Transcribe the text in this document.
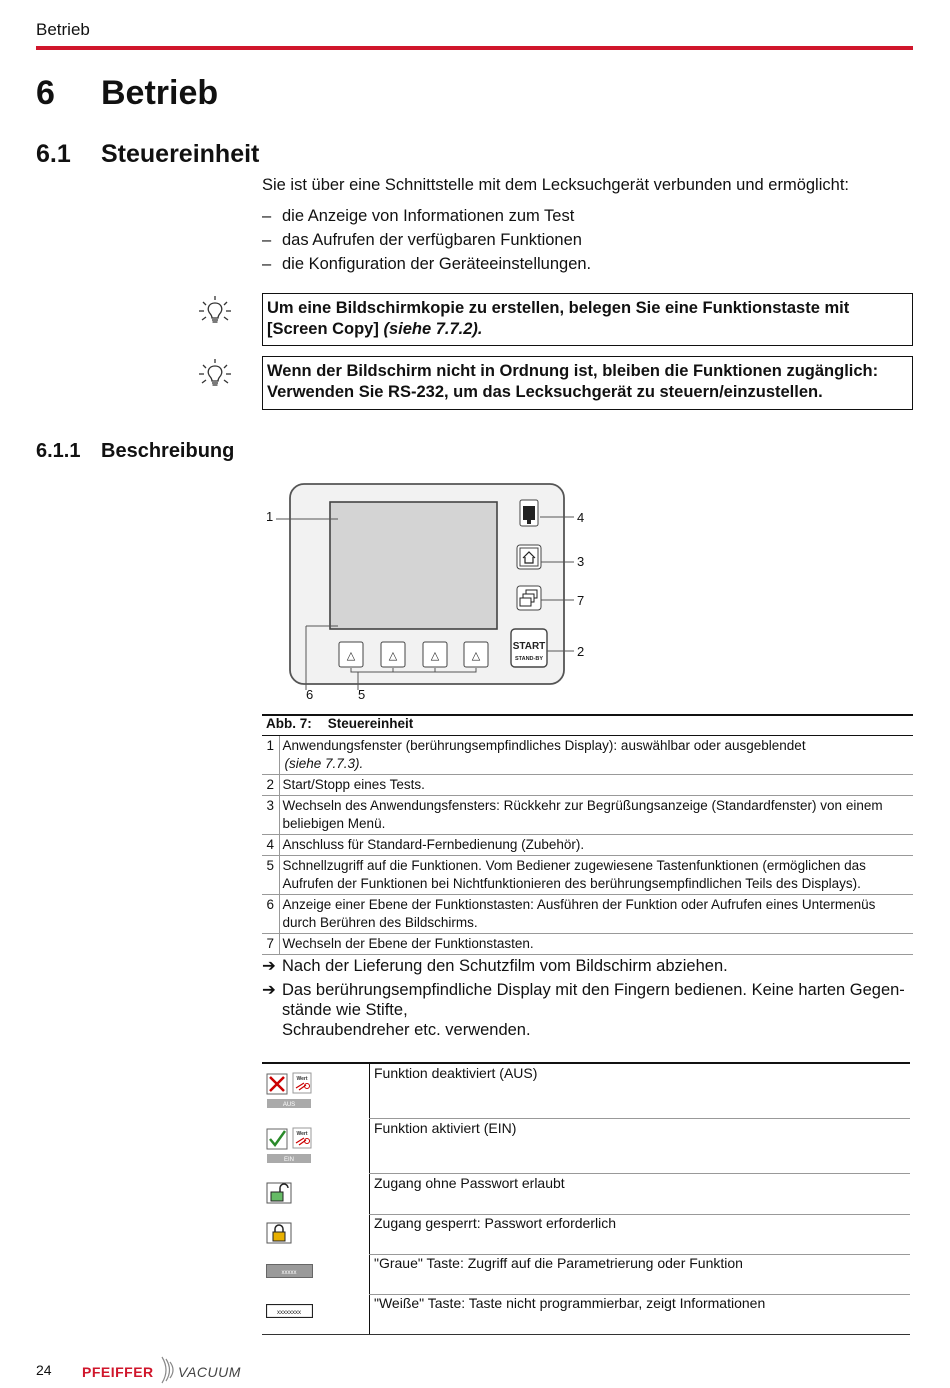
Betrieb
6 Betrieb
6.1 Steuereinheit
Sie ist über eine Schnittstelle mit dem Lecksuchgerät verbunden und ermöglicht:
– die Anzeige von Informationen zum Test
– das Aufrufen der verfügbaren Funktionen
– die Konfiguration der Geräteeinstellungen.
Um eine Bildschirmkopie zu erstellen, belegen Sie eine Funktionstaste mit
[Screen Copy] (siehe 7.7.2).
Wenn der Bildschirm nicht in Ordnung ist, bleiben die Funktionen zugänglich:
Verwenden Sie RS-232, um das Lecksuchgerät zu steuern/einzustellen.
6.1.1 Beschreibung
START
STAND-BY
△	△	△	△
1	4
3
7
2
6	5
Abb. 7: Steuereinheit
1	Anwendungsfenster (berührungsempfindliches Display): auswählbar oder ausgeblendet
(siehe 7.7.3).

2	Start/Stopp eines Tests.
3	Wechseln des Anwendungsfensters: Rückkehr zur Begrüßungsanzeige (Standardfenster) von einem beliebigen Menü.
4	Anschluss für Standard-Fernbedienung (Zubehör).
5	Schnellzugriff auf die Funktionen. Vom Bediener zugewiesene Tastenfunktionen (ermöglichen das Aufrufen der Funktionen bei Nichtfunktionieren des berührungsempfindlichen Teils des Displays).
6	Anzeige einer Ebene der Funktionstasten: Ausführen der Funktion oder Aufrufen eines Untermenüs durch Berühren des Bildschirms.
7	Wechseln der Ebene der Funktionstasten.
➔ Nach der Lieferung den Schutzfilm vom Bildschirm abziehen.
➔ Das berührungsempfindliche Display mit den Fingern bedienen. Keine harten Gegen-
stände wie Stifte,
Schraubendreher etc. verwenden.
Wert
AUS
Funktion deaktiviert (AUS)
Wert
EIN
Funktion aktiviert (EIN)
Zugang ohne Passwort erlaubt
Zugang gesperrt: Passwort erforderlich
xxxxx
"Graue" Taste: Zugriff auf die Parametrierung oder Funktion
xxxxxxxx
"Weiße" Taste: Taste nicht programmierbar, zeigt Informationen
24 PFEIFFER VACUUM
